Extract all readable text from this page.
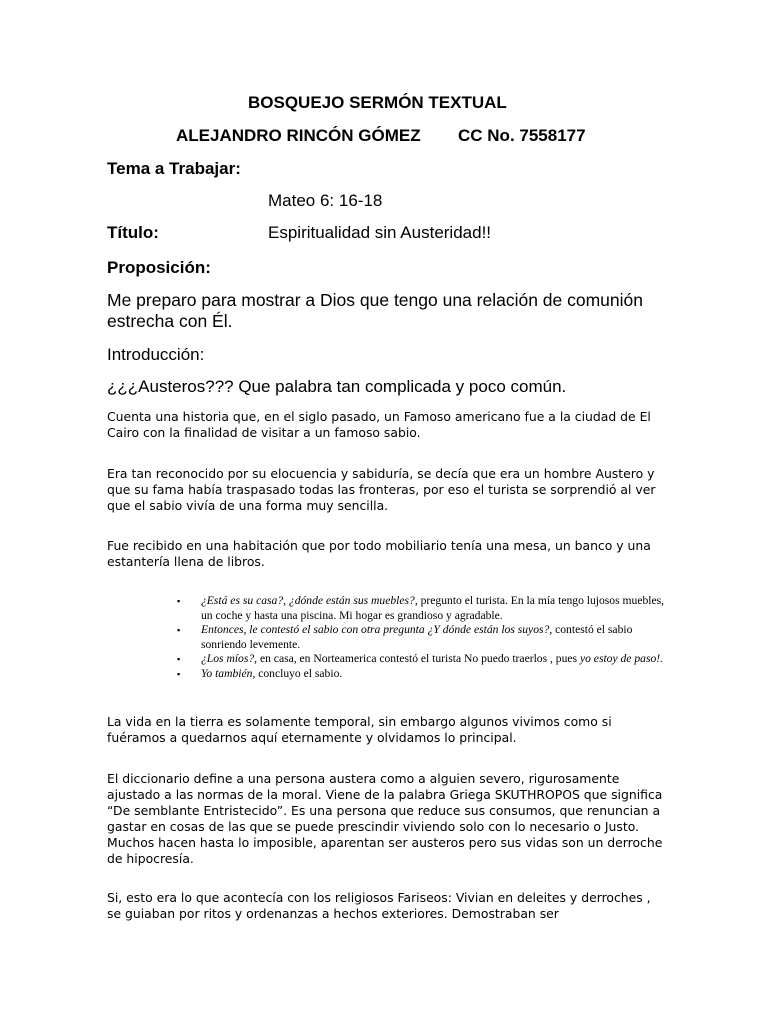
BOSQUEJO SERMÓN TEXTUAL
ALEJANDRO RINCÓN GÓMEZ CC No. 7558177
Tema a Trabajar:
Mateo 6: 16-18
Título:	Espiritualidad sin Austeridad!!
Proposición:
Me preparo para mostrar a Dios que tengo una relación de comunión estrecha con Él.
Introducción:
¿¿¿Austeros??? Que palabra tan complicada y poco común.
Cuenta una historia que, en el siglo pasado, un Famoso americano fue a la ciudad de El Cairo con la finalidad de visitar a un famoso sabio.
Era tan reconocido por su elocuencia y sabiduría, se decía que era un hombre Austero y que su fama había traspasado todas las fronteras, por eso el turista se sorprendió al ver que el sabio vivía de una forma muy sencilla.
Fue recibido en una habitación que por todo mobiliario tenía una mesa, un banco y una estantería llena de libros.
▪ ¿Está es su casa?, ¿dónde están sus muebles?, pregunto el turista. En la mía tengo lujosos muebles, un coche y hasta una piscina. Mi hogar es grandioso y agradable.
▪ Entonces, le contestó el sabio con otra pregunta ¿Y dónde están los suyos?, contestó el sabio sonriendo levemente.
▪ ¿Los míos?, en casa, en Norteamerica contestó el turista No puedo traerlos , pues yo estoy de paso!.
▪ Yo también, concluyo el sabio.
La vida en la tierra es solamente temporal, sin embargo algunos vivimos como si fuéramos a quedarnos aquí eternamente y olvidamos lo principal.
El diccionario define a una persona austera como a alguien severo, rigurosamente ajustado a las normas de la moral. Viene de la palabra Griega SKUTHROPOS que significa “De semblante Entristecido”. Es una persona que reduce sus consumos, que renuncian a gastar en cosas de las que se puede prescindir viviendo solo con lo necesario o Justo. Muchos hacen hasta lo imposible, aparentan ser austeros pero sus vidas son un derroche de hipocresía.
Si, esto era lo que acontecía con los religiosos Fariseos: Vivian en deleites y derroches , se guiaban por ritos y ordenanzas a hechos exteriores. Demostraban ser
